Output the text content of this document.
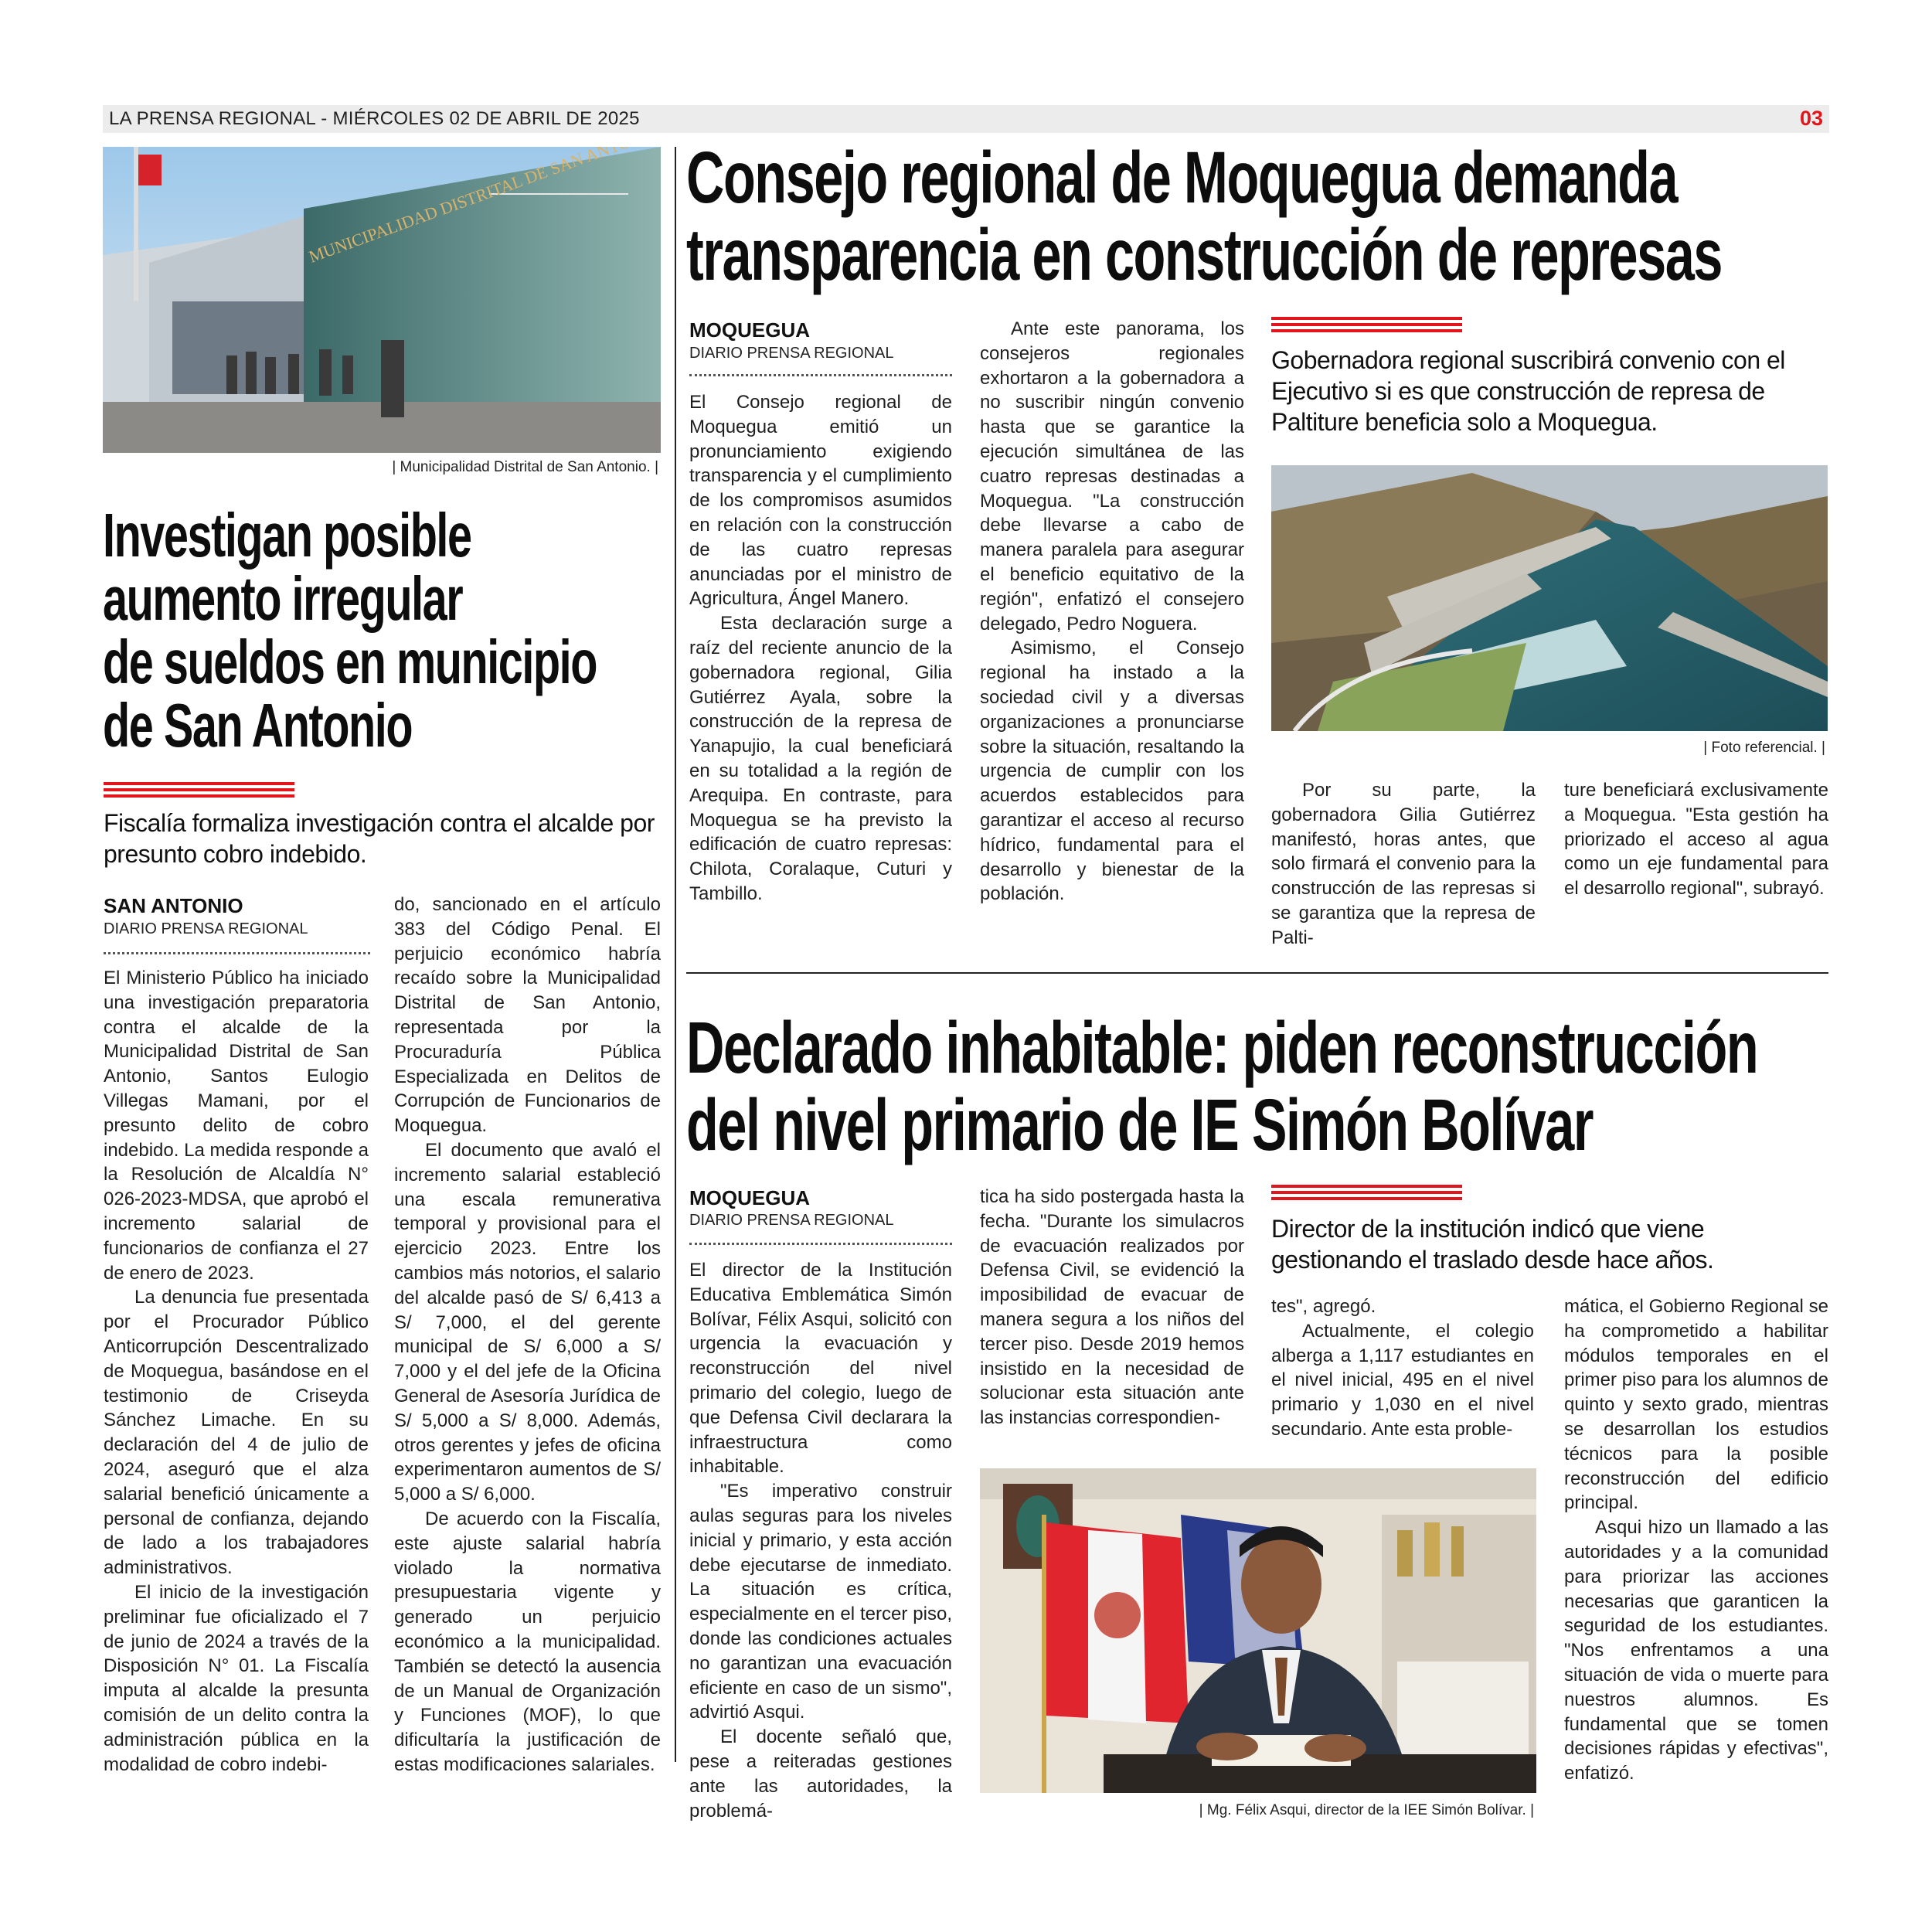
LA PRENSA REGIONAL - MIÉRCOLES 02 DE ABRIL DE 2025	03
| Municipalidad Distrital de San Antonio. |
Investigan posible
aumento irregular
de sueldos en municipio
de San Antonio
Fiscalía formaliza investigación contra el alcalde por presunto cobro indebido.
SAN ANTONIO
DIARIO PRENSA REGIONAL

El Ministerio Público ha iniciado una investigación preparatoria contra el alcalde de la Municipalidad Distrital de San Antonio, Santos Eulogio Villegas Mamani, por el presunto delito de cobro indebido. La medida responde a la Resolución de Alcaldía N° 026-2023-MDSA, que aprobó el incremento salarial de funcionarios de confianza el 27 de enero de 2023.

La denuncia fue presentada por el Procurador Público Anticorrupción Descentralizado de Moquegua, basándose en el testimonio de Criseyda Sánchez Limache. En su declaración del 4 de julio de 2024, aseguró que el alza salarial benefició únicamente a personal de confianza, dejando de lado a los trabajadores administrativos.

El inicio de la investigación preliminar fue oficializado el 7 de junio de 2024 a través de la Disposición N° 01. La Fiscalía imputa al alcalde la presunta comisión de un delito contra la administración pública en la modalidad de cobro indebi-

do, sancionado en el artículo 383 del Código Penal. El perjuicio económico habría recaído sobre la Municipalidad Distrital de San Antonio, representada por la Procuraduría Pública Especializada en Delitos de Corrupción de Funcionarios de Moquegua.

El documento que avaló el incremento salarial estableció una escala remunerativa temporal y provisional para el ejercicio 2023. Entre los cambios más notorios, el salario del alcalde pasó de S/ 6,413 a S/ 7,000, el del gerente municipal de S/ 6,000 a S/ 7,000 y el del jefe de la Oficina General de Asesoría Jurídica de S/ 5,000 a S/ 8,000. Además, otros gerentes y jefes de oficina experimentaron aumentos de S/ 5,000 a S/ 6,000.

De acuerdo con la Fiscalía, este ajuste salarial habría violado la normativa presupuestaria vigente y generado un perjuicio económico a la municipalidad. También se detectó la ausencia de un Manual de Organización y Funciones (MOF), lo que dificultaría la justificación de estas modificaciones salariales.

Consejo regional de Moquegua demanda
transparencia en construcción de represas
MOQUEGUA
DIARIO PRENSA REGIONAL

El Consejo regional de Moquegua emitió un pronunciamiento exigiendo transparencia y el cumplimiento de los compromisos asumidos en relación con la construcción de las cuatro represas anunciadas por el ministro de Agricultura, Ángel Manero.

Esta declaración surge a raíz del reciente anuncio de la gobernadora regional, Gilia Gutiérrez Ayala, sobre la construcción de la represa de Yanapujio, la cual beneficiará en su totalidad a la región de Arequipa. En contraste, para Moquegua se ha previsto la edificación de cuatro represas: Chilota, Coralaque, Cuturi y Tambillo.

Ante este panorama, los consejeros regionales exhortaron a la gobernadora a no suscribir ningún convenio hasta que se garantice la ejecución simultánea de las cuatro represas destinadas a Moquegua. "La construcción debe llevarse a cabo de manera paralela para asegurar el beneficio equitativo de la región", enfatizó el consejero delegado, Pedro Noguera.

Asimismo, el Consejo regional ha instado a la sociedad civil y a diversas organizaciones a pronunciarse sobre la situación, resaltando la urgencia de cumplir con los acuerdos establecidos para garantizar el acceso al recurso hídrico, fundamental para el desarrollo y bienestar de la población.

Gobernadora regional suscribirá convenio con el Ejecutivo si es que construcción de represa de Paltiture beneficia solo a Moquegua.
| Foto referencial. |

Por su parte, la gobernadora Gilia Gutiérrez manifestó, horas antes, que solo firmará el convenio para la construcción de las represas si se garantiza que la represa de Palti-

ture beneficiará exclusivamente a Moquegua. "Esta gestión ha priorizado el acceso al agua como un eje fundamental para el desarrollo regional", subrayó.

Declarado inhabitable: piden reconstrucción
del nivel primario de IE Simón Bolívar
MOQUEGUA
DIARIO PRENSA REGIONAL

El director de la Institución Educativa Emblemática Simón Bolívar, Félix Asqui, solicitó con urgencia la evacuación y reconstrucción del nivel primario del colegio, luego de que Defensa Civil declarara la infraestructura como inhabitable.

"Es imperativo construir aulas seguras para los niveles inicial y primario, y esta acción debe ejecutarse de inmediato. La situación es crítica, especialmente en el tercer piso, donde las condiciones actuales no garantizan una evacuación eficiente en caso de un sismo", advirtió Asqui.

El docente señaló que, pese a reiteradas gestiones ante las autoridades, la problemá-

tica ha sido postergada hasta la fecha. "Durante los simulacros de evacuación realizados por Defensa Civil, se evidenció la imposibilidad de evacuar de manera segura a los niños del tercer piso. Desde 2019 hemos insistido en la necesidad de solucionar esta situación ante las instancias correspondien-

Director de la institución indicó que viene gestionando el traslado desde hace años.

tes", agregó.

Actualmente, el colegio alberga a 1,117 estudiantes en el nivel inicial, 495 en el nivel primario y 1,030 en el nivel secundario. Ante esta proble-

mática, el Gobierno Regional se ha comprometido a habilitar módulos temporales en el primer piso para los alumnos de quinto y sexto grado, mientras se desarrollan los estudios técnicos para la posible reconstrucción del edificio principal.

Asqui hizo un llamado a las autoridades y a la comunidad para priorizar las acciones necesarias que garanticen la seguridad de los estudiantes. "Nos enfrentamos a una situación de vida o muerte para nuestros alumnos. Es fundamental que se tomen decisiones rápidas y efectivas", enfatizó.

| Mg. Félix Asqui, director de la IEE Simón Bolívar. |
